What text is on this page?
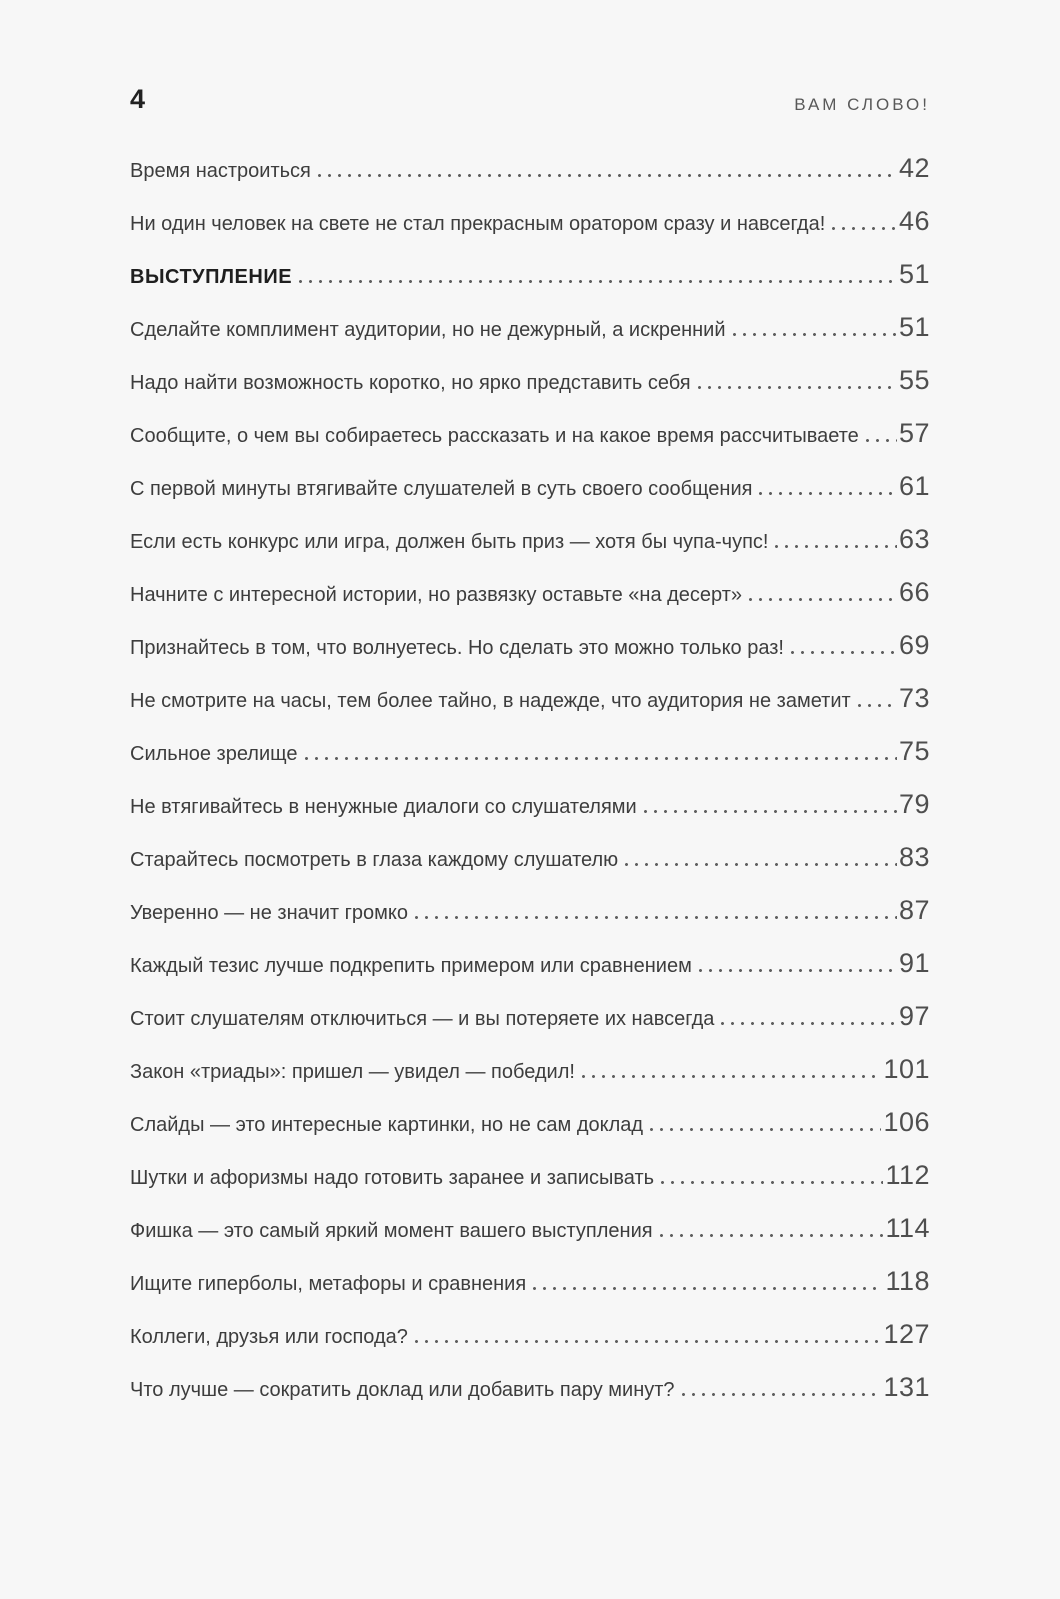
4	ВАМ СЛОВО!
Время настроиться	42
Ни один человек на свете не стал прекрасным оратором сразу и навсегда!	46
ВЫСТУПЛЕНИЕ	51
Сделайте комплимент аудитории, но не дежурный, а искренний	51
Надо найти возможность коротко, но ярко представить себя	55
Сообщите, о чем вы собираетесь рассказать и на какое время рассчитываете 57
С первой минуты втягивайте слушателей в суть своего сообщения	61
Если есть конкурс или игра, должен быть приз — хотя бы чупа-чупс!	63
Начните с интересной истории, но развязку оставьте «на десерт»	66
Признайтесь в том, что волнуетесь. Но сделать это можно только раз!	69
Не смотрите на часы, тем более тайно, в надежде, что аудитория не заметит 73
Сильное зрелище	75
Не втягивайтесь в ненужные диалоги со слушателями	79
Старайтесь посмотреть в глаза каждому слушателю	83
Уверенно — не значит громко	87
Каждый тезис лучше подкрепить примером или сравнением	91
Стоит слушателям отключиться — и вы потеряете их навсегда	97
Закон «триады»: пришел — увидел — победил!	101
Слайды — это интересные картинки, но не сам доклад	106
Шутки и афоризмы надо готовить заранее и записывать	112
Фишка — это самый яркий момент вашего выступления	114
Ищите гиперболы, метафоры и сравнения	118
Коллеги, друзья или господа?	127
Что лучше — сократить доклад или добавить пару минут?	131
